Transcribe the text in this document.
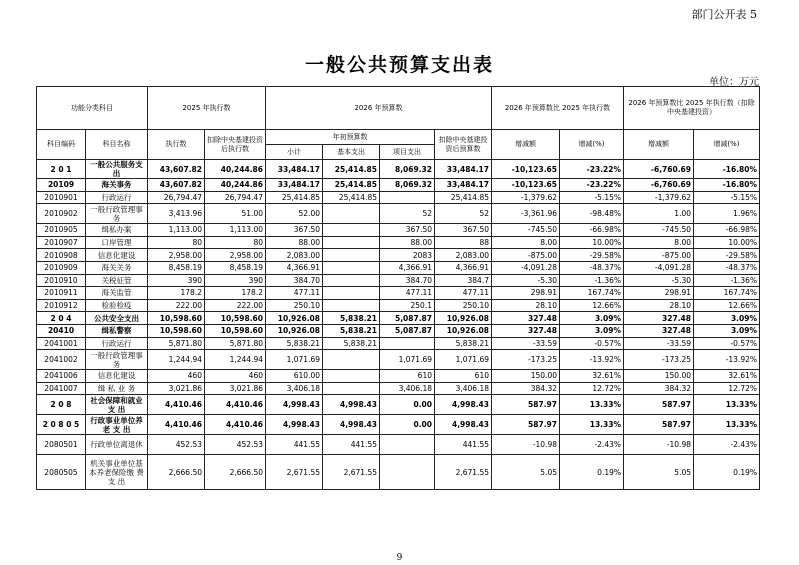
部门公开表 5
一般公共预算支出表
单位：万元
功能分类科目		2025 年执行数		2026 年预算数				2026 年预算数比 2025 年执行数		2026 年预算数比 2025 年执行数（扣除中央基建投资）	
科目编码	科目名称	执行数	扣除中央基建投资后执行数	年初预算数			扣除中央基建投资后预算数	增减额	增减(%)	增减额	增减(%)
				小计	基本支出	项目支出					
2 0 1	一般公共服务支 出	43,607.82	40,244.86	33,484.17	25,414.85	8,069.32	33,484.17	-10,123.65	-23.22%	-6,760.69	-16.80%
20109	海关事务	43,607.82	40,244.86	33,484.17	25,414.85	8,069.32	33,484.17	-10,123.65	-23.22%	-6,760.69	-16.80%
2010901	行政运行	26,794.47	26,794.47	25,414.85	25,414.85		25,414.85	-1,379.62	-5.15%	-1,379.62	-5.15%
2010902	一般行政管理事务	3,413.96	51.00	52.00		52	52	-3,361.96	-98.48%	1.00	1.96%
2010905	缉私办案	1,113.00	1,113.00	367.50		367.50	367.50	-745.50	-66.98%	-745.50	-66.98%
2010907	口岸管理	80	80	88.00		88.00	88	8.00	10.00%	8.00	10.00%
2010908	信息化建设	2,958.00	2,958.00	2,083.00		2083	2,083.00	-875.00	-29.58%	-875.00	-29.58%
2010909	海关关务	8,458.19	8,458.19	4,366.91		4,366.91	4,366.91	-4,091.28	-48.37%	-4,091.28	-48.37%
2010910	关税征管	390	390	384.70		384.70	384.7	-5.30	-1.36%	-5.30	-1.36%
2010911	海关监管	178.2	178.2	477.11		477.11	477.11	298.91	167.74%	298.91	167.74%
2010912	检验检疫	222.00	222.00	250.10		250.1	250.10	28.10	12.66%	28.10	12.66%
2 0 4	公共安全支出	10,598.60	10,598.60	10,926.08	5,838.21	5,087.87	10,926.08	327.48	3.09%	327.48	3.09%
20410	缉私警察	10,598.60	10,598.60	10,926.08	5,838.21	5,087.87	10,926.08	327.48	3.09%	327.48	3.09%
2041001	行政运行	5,871.80	5,871.80	5,838.21	5,838.21		5,838.21	-33.59	-0.57%	-33.59	-0.57%
2041002	一般行政管理事务	1,244.94	1,244.94	1,071.69		1,071.69	1,071.69	-173.25	-13.92%	-173.25	-13.92%
2041006	信息化建设	460	460	610.00		610	610	150.00	32.61%	150.00	32.61%
2041007	缉 私 业 务	3,021.86	3,021.86	3,406.18		3,406.18	3,406.18	384.32	12.72%	384.32	12.72%
2 0 8	社会保障和就业 支 出	4,410.46	4,410.46	4,998.43	4,998.43	0.00	4,998.43	587.97	13.33%	587.97	13.33%
2 0 8 0 5	行政事业单位养 老 支 出	4,410.46	4,410.46	4,998.43	4,998.43	0.00	4,998.43	587.97	13.33%	587.97	13.33%
2080501	行政单位离退休	452.53	452.53	441.55	441.55		441.55	-10.98	-2.43%	-10.98	-2.43%
2080505	机关事业单位基本养老保险缴 费 支 出	2,666.50	2,666.50	2,671.55	2,671.55		2,671.55	5.05	0.19%	5.05	0.19%
9
